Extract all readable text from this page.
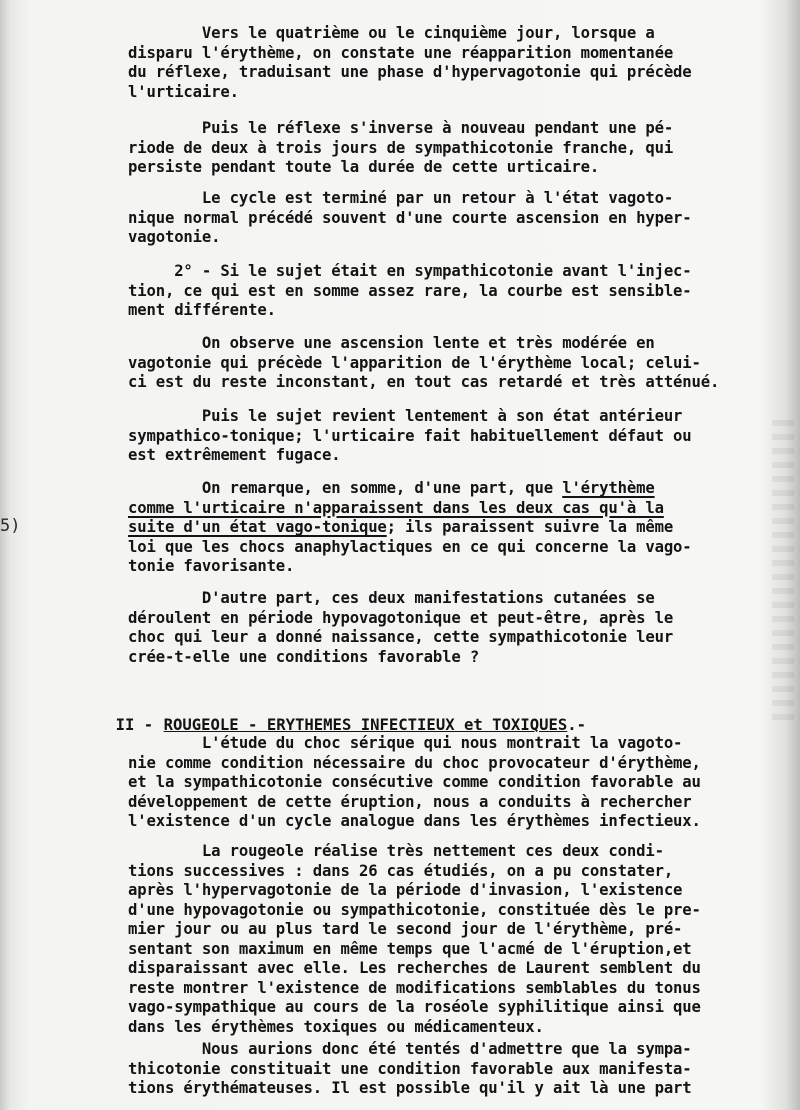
5)

Vers le quatrième ou le cinquième jour, lorsque a

disparu l'érythème, on constate une réapparition momentanée

du réflexe, traduisant une phase d'hypervagotonie qui précède

l'urticaire.

Puis le réflexe s'inverse à nouveau pendant une pé-

riode de deux à trois jours de sympathicotonie franche, qui

persiste pendant toute la durée de cette urticaire.

Le cycle est terminé par un retour à l'état vagoto-

nique normal précédé souvent d'une courte ascension en hyper-

vagotonie.

2° - Si le sujet était en sympathicotonie avant l'injec-

tion, ce qui est en somme assez rare, la courbe est sensible-

ment différente.

On observe une ascension lente et très modérée en

vagotonie qui précède l'apparition de l'érythème local; celui-

ci est du reste inconstant, en tout cas retardé et très atténué.

Puis le sujet revient lentement à son état antérieur

sympathico-tonique; l'urticaire fait habituellement défaut ou

est extrêmement fugace.

On remarque, en somme, d'une part, que l'érythème

comme l'urticaire n'apparaissent dans les deux cas qu'à la

suite d'un état vago-tonique; ils paraissent suivre la même

loi que les chocs anaphylactiques en ce qui concerne la vago-

tonie favorisante.

D'autre part, ces deux manifestations cutanées se

déroulent en période hypovagotonique et peut-être, après le

choc qui leur a donné naissance, cette sympathicotonie leur

crée-t-elle une conditions favorable ?

II - ROUGEOLE - ERYTHEMES INFECTIEUX et TOXIQUES.-

L'étude du choc sérique qui nous montrait la vagoto-

nie comme condition nécessaire du choc provocateur d'érythème,

et la sympathicotonie consécutive comme condition favorable au

développement de cette éruption, nous a conduits à rechercher

l'existence d'un cycle analogue dans les érythèmes infectieux.

La rougeole réalise très nettement ces deux condi-

tions successives : dans 26 cas étudiés, on a pu constater,

après l'hypervagotonie de la période d'invasion, l'existence

d'une hypovagotonie ou sympathicotonie, constituée dès le pre-

mier jour ou au plus tard le second jour de l'érythème, pré-

sentant son maximum en même temps que l'acmé de l'éruption,et

disparaissant avec elle. Les recherches de Laurent semblent du

reste montrer l'existence de modifications semblables du tonus

vago-sympathique au cours de la roséole syphilitique ainsi que

dans les érythèmes toxiques ou médicamenteux.

Nous aurions donc été tentés d'admettre que la sympa-

thicotonie constituait une condition favorable aux manifesta-

tions érythémateuses. Il est possible qu'il y ait là une part
